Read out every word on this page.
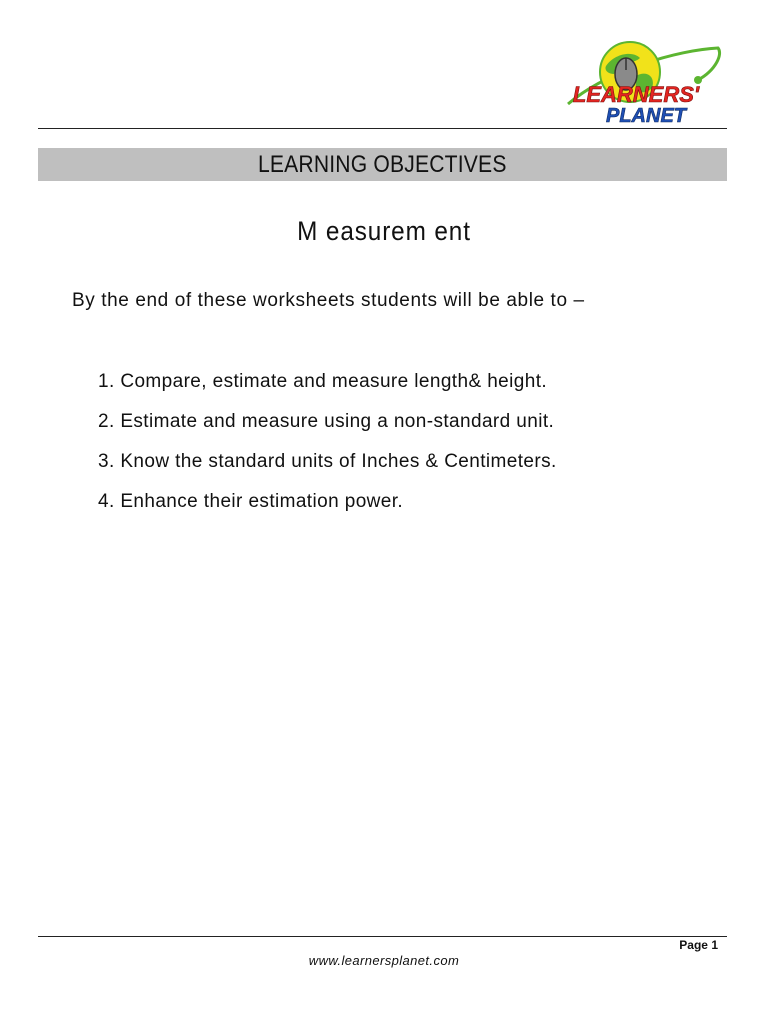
LEARNERS'
PLANET
LEARNING OBJECTIVES
M easurem ent
By the end of these worksheets students will be able to –
1. Compare, estimate and measure length& height.
2. Estimate and measure using a non-standard unit.
3. Know the standard units of Inches & Centimeters.
4. Enhance their estimation power.
Page 1
www.learnersplanet.com
